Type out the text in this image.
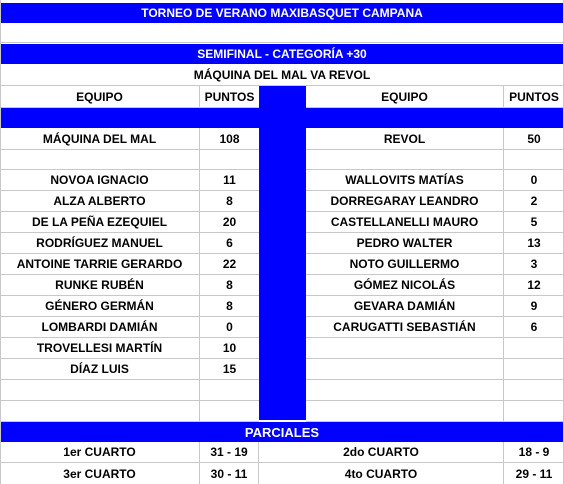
TORNEO DE VERANO MAXIBASQUET CAMPANA
SEMIFINAL - CATEGORÍA +30
MÁQUINA DEL MAL VA REVOL
EQUIPO	PUNTOS	EQUIPO	PUNTOS
MÁQUINA DEL MAL	108	REVOL	50
NOVOA IGNACIO	11	WALLOVITS MATÍAS	0
ALZA ALBERTO	8	DORREGARAY LEANDRO	2
DE LA PEÑA EZEQUIEL	20	CASTELLANELLI MAURO	5
RODRÍGUEZ MANUEL	6	PEDRO WALTER	13
ANTOINE TARRIE GERARDO	22	NOTO GUILLERMO	3
RUNKE RUBÉN	8	GÓMEZ NICOLÁS	12
GÉNERO GERMÁN	8	GEVARA DAMIÁN	9
LOMBARDI DAMIÁN	0	CARUGATTI SEBASTIÁN	6
TROVELLESI MARTÍN	10
DÍAZ LUIS	15
PARCIALES
1er CUARTO	31 - 19	2do CUARTO	18 - 9
3er CUARTO	30 - 11	4to CUARTO	29 - 11
